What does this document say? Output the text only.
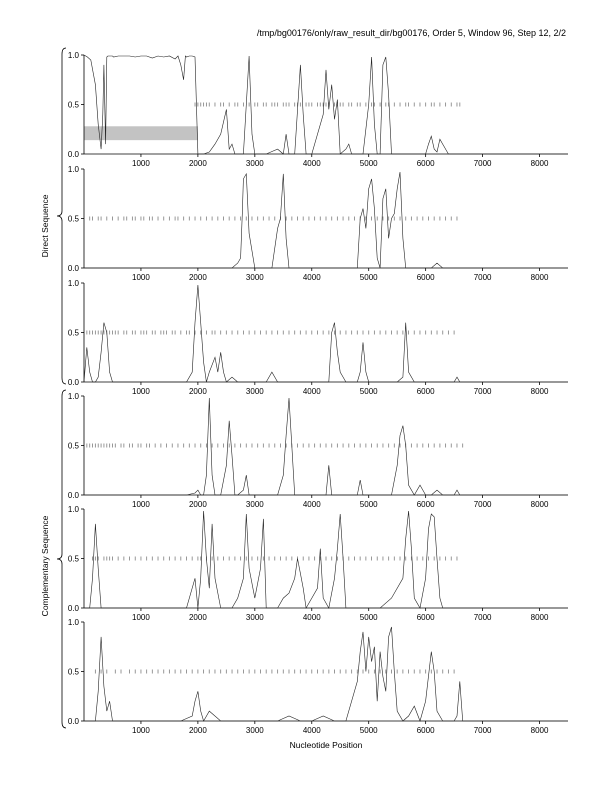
/tmp/bg00176/only/raw_result_dir/bg00176, Order 5, Window 96, Step 12, 2/2
0.0
0.5
1.0
1000	2000	3000	4000	5000	6000	7000	8000
0.0
0.5
1.0
1000	2000	3000	4000	5000	6000	7000	8000
0.0
0.5
1.0
1000	2000	3000	4000	5000	6000	7000	8000
0.0
0.5
1.0
1000	2000	3000	4000	5000	6000	7000	8000
0.0
0.5
1.0
1000	2000	3000	4000	5000	6000	7000	8000
0.0
0.5
1.0
1000	2000	3000	4000	5000	6000	7000	8000
Direct Sequence
Complementary Sequence
Nucleotide Position
